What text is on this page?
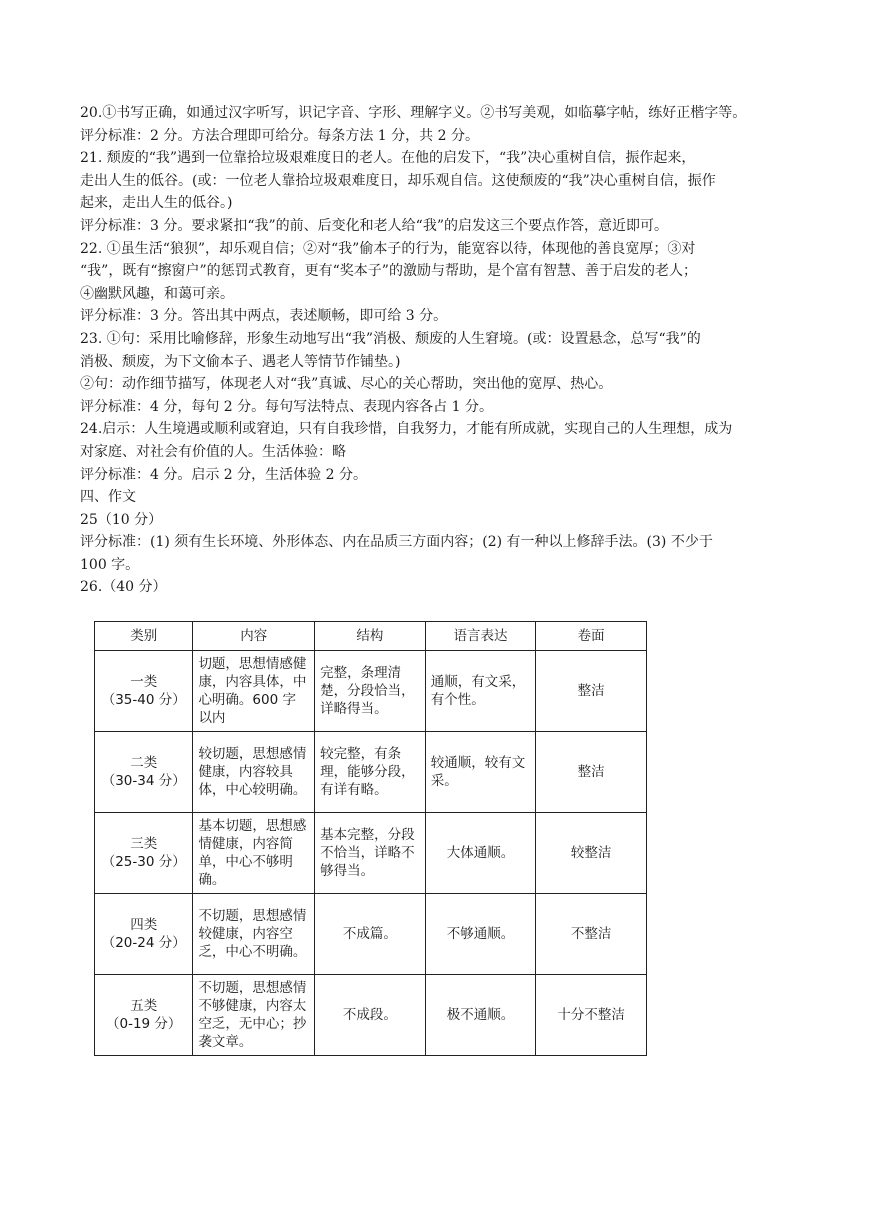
20.①书写正确，如通过汉字听写，识记字音、字形、理解字义。②书写美观，如临摹字帖，练好正楷字等。
评分标准：2 分。方法合理即可给分。每条方法 1 分，共 2 分。
21. 颓废的“我”遇到一位靠拾垃圾艰难度日的老人。在他的启发下，“我”决心重树自信，振作起来，
走出人生的低谷。(或：一位老人靠拾垃圾艰难度日，却乐观自信。这使颓废的“我”决心重树自信，振作
起来，走出人生的低谷。)
评分标准：3 分。要求紧扣“我”的前、后变化和老人给“我”的启发这三个要点作答，意近即可。
22. ①虽生活“狼狈”，却乐观自信；②对“我”偷本子的行为，能宽容以待，体现他的善良宽厚；③对
“我”，既有“擦窗户”的惩罚式教育，更有“奖本子”的激励与帮助，是个富有智慧、善于启发的老人；
④幽默风趣，和蔼可亲。
评分标准：3 分。答出其中两点，表述顺畅，即可给 3 分。
23. ①句：采用比喻修辞，形象生动地写出“我”消极、颓废的人生窘境。(或：设置悬念，总写“我”的
消极、颓废，为下文偷本子、遇老人等情节作铺垫。)
②句：动作细节描写，体现老人对“我”真诚、尽心的关心帮助，突出他的宽厚、热心。
评分标准：4 分，每句 2 分。每句写法特点、表现内容各占 1 分。
24.启示：人生境遇或顺利或窘迫，只有自我珍惜，自我努力，才能有所成就，实现自己的人生理想，成为
对家庭、对社会有价值的人。生活体验：略
评分标准：4 分。启示 2 分，生活体验 2 分。
四、作文
25（10 分）
评分标准：(1) 须有生长环境、外形体态、内在品质三方面内容；(2) 有一种以上修辞手法。(3) 不少于
100 字。
26.（40 分）
类别	内容	结构	语言表达	卷面

一类
（35-40 分）	切题，思想情感健康，内容具体，中心明确。600 字以内	完整，条理清楚，分段恰当，详略得当。	通顺，有文采，有个性。	整洁

二类
（30-34 分）	较切题，思想感情健康，内容较具体，中心较明确。	较完整，有条理，能够分段，有详有略。	较通顺，较有文采。	整洁

三类
（25-30 分）	基本切题，思想感情健康，内容简单，中心不够明确。	基本完整，分段不恰当，详略不够得当。	大体通顺。	较整洁

四类
（20-24 分）	不切题，思想感情较健康，内容空乏，中心不明确。	不成篇。	不够通顺。	不整洁

五类
（0-19 分）	不切题，思想感情不够健康，内容太空乏，无中心；抄袭文章。	不成段。	极不通顺。	十分不整洁
